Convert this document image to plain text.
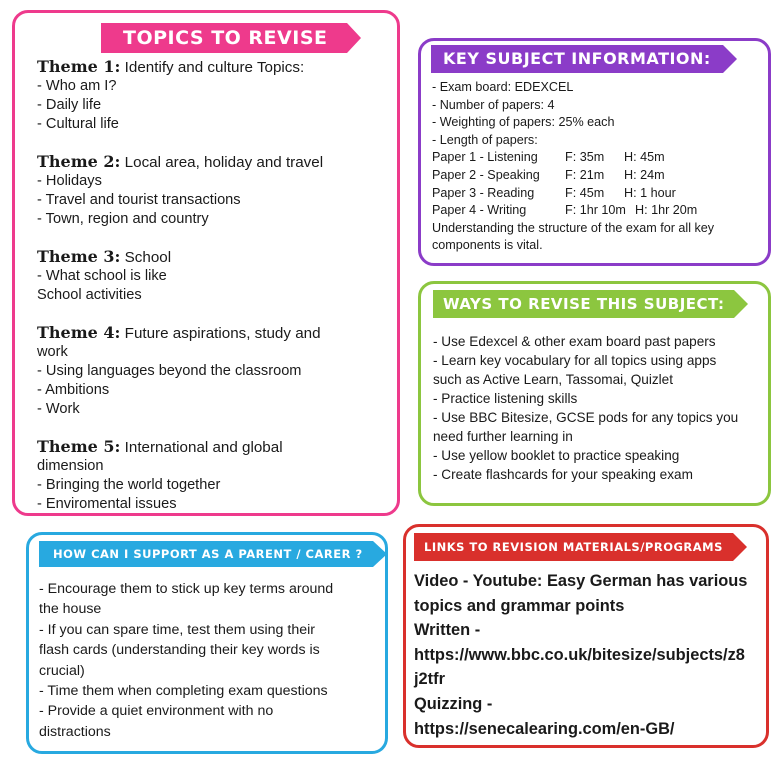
TOPICS TO REVISE
Theme 1: Identify and culture Topics:
- Who am I?
- Daily life
- Cultural life
Theme 2: Local area, holiday and travel
- Holidays
- Travel and tourist transactions
- Town, region and country
Theme 3: School
- What school is like
School activities
Theme 4: Future aspirations, study and
work
- Using languages beyond the classroom
- Ambitions
- Work
Theme 5: International and global
dimension
- Bringing the world together
- Enviromental issues
KEY SUBJECT INFORMATION:
- Exam board: EDEXCEL
- Number of papers: 4
- Weighting of papers: 25% each
- Length of papers:
Paper 1 - Listening	F: 35m	H: 45m
Paper 2 - Speaking	F: 21m	H: 24m
Paper 3 - Reading	F: 45m	H: 1 hour
Paper 4 - Writing	F: 1hr 10m H: 1hr 20m
Understanding the structure of the exam for all key
components is vital.
WAYS TO REVISE THIS SUBJECT:
- Use Edexcel & other exam board past papers
- Learn key vocabulary for all topics using apps
such as Active Learn, Tassomai, Quizlet
- Practice listening skills
- Use BBC Bitesize, GCSE pods for any topics you
need further learning in
- Use yellow booklet to practice speaking
- Create flashcards for your speaking exam
HOW CAN I SUPPORT AS A PARENT / CARER ?
- Encourage them to stick up key terms around
the house
- If you can spare time, test them using their
flash cards (understanding their key words is
crucial)
- Time them when completing exam questions
- Provide a quiet environment with no
distractions
LINKS TO REVISION MATERIALS/PROGRAMS
Video - Youtube: Easy German has various
topics and grammar points
Written -
https://www.bbc.co.uk/bitesize/subjects/z8
j2tfr
Quizzing -
https://senecalearing.com/en-GB/
